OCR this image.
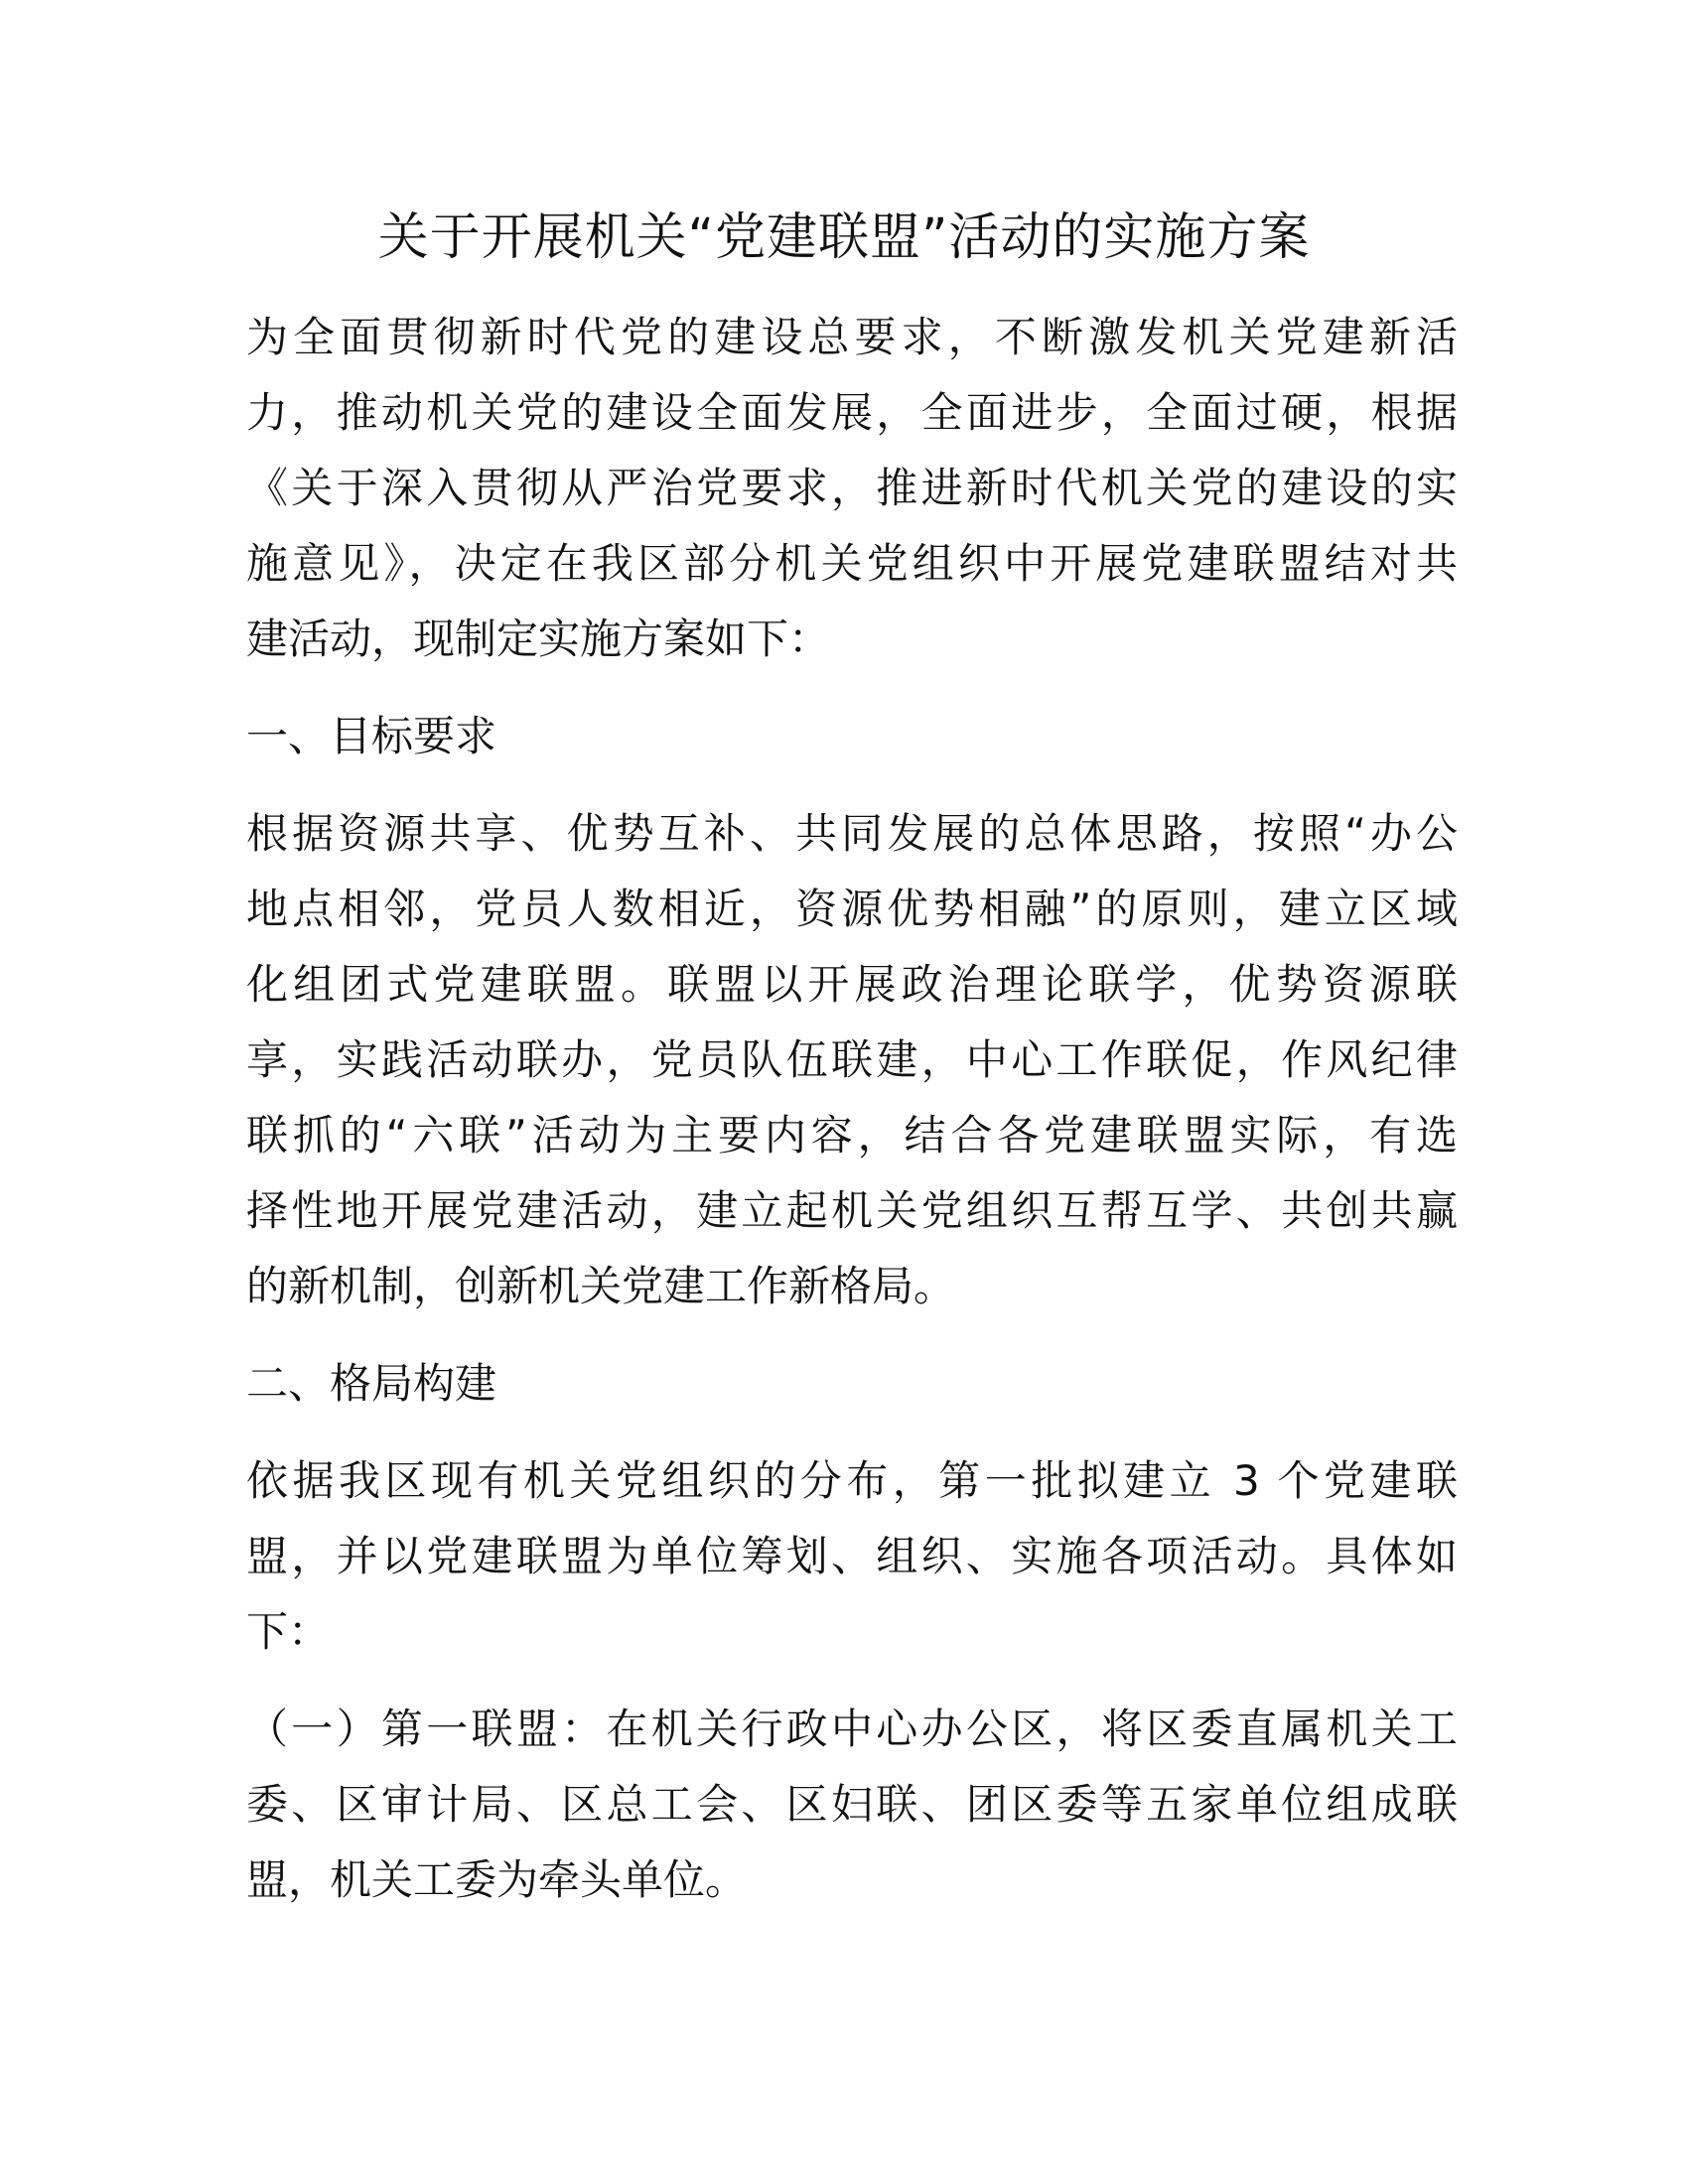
关于开展机关“党建联盟”活动的实施方案

为全面贯彻新时代党的建设总要求，不断激发机关党建新活

力，推动机关党的建设全面发展，全面进步，全面过硬，根据

《关于深入贯彻从严治党要求，推进新时代机关党的建设的实

施意见》，决定在我区部分机关党组织中开展党建联盟结对共

建活动，现制定实施方案如下：

一、目标要求

根据资源共享、优势互补、共同发展的总体思路，按照“办公

地点相邻，党员人数相近，资源优势相融”的原则，建立区域

化组团式党建联盟。联盟以开展政治理论联学，优势资源联

享，实践活动联办，党员队伍联建，中心工作联促，作风纪律

联抓的“六联”活动为主要内容，结合各党建联盟实际，有选

择性地开展党建活动，建立起机关党组织互帮互学、共创共赢

的新机制，创新机关党建工作新格局。

二、格局构建

依据我区现有机关党组织的分布，第一批拟建立 3 个党建联

盟，并以党建联盟为单位筹划、组织、实施各项活动。具体如

下：

（一）第一联盟：在机关行政中心办公区，将区委直属机关工

委、区审计局、区总工会、区妇联、团区委等五家单位组成联

盟，机关工委为牵头单位。
